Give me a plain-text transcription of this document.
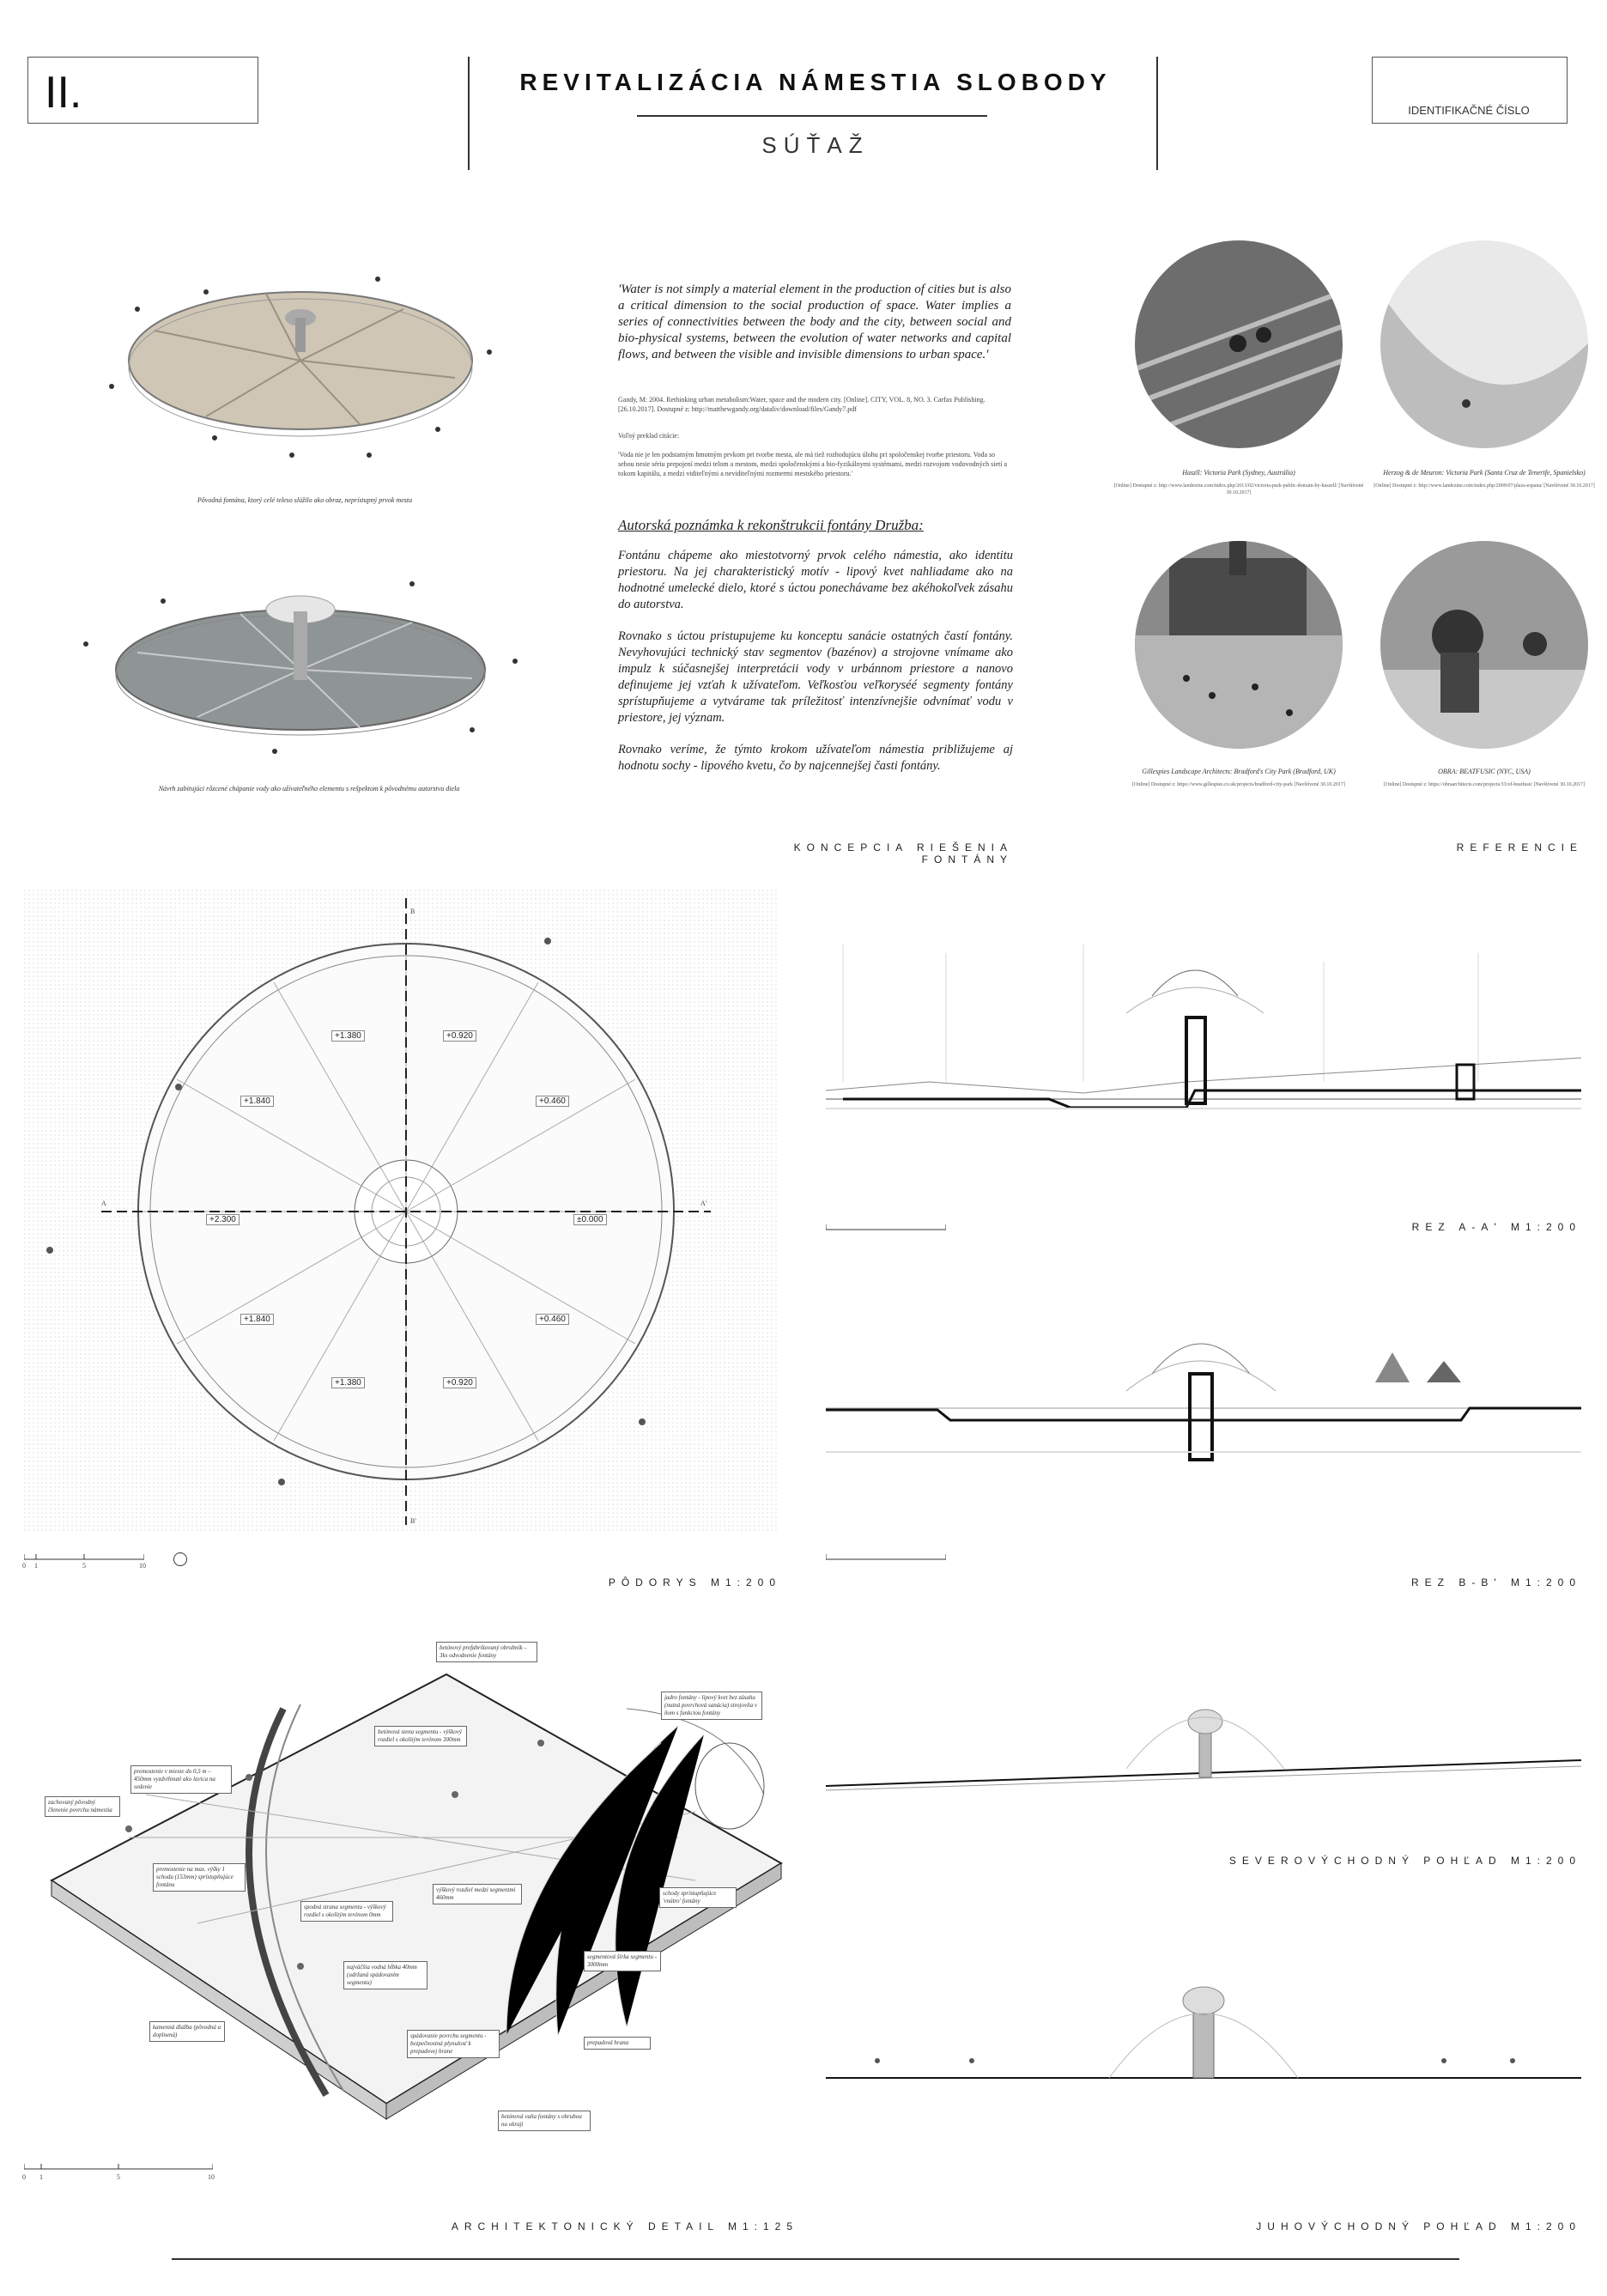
II.	REVITALIZÁCIA NÁMESTIA SLOBODY
SÚŤAŽ
IDENTIFIKAČNÉ ČÍSLO
Pôvodná fontána, ktorý celé teleso slúžilo ako obraz, neprístupný prvok mesta
Návrh zabitujúci rôzcené chápanie vody ako užívateľného elementu s rešpektom k pôvodnému autorstvu diela
'Water is not simply a material element in the production of cities but is also a critical dimension to the social production of space. Water implies a series of connectivities between the body and the city, between social and bio-physical systems, between the evolution of water networks and capital flows, and between the visible and invisible dimensions to urban space.'
Gandy, M: 2004. Rethinking urban metabolism:Water, space and the modern city. [Online]. CITY, VOL. 8, NO. 3. Carfax Publishing. [26.10.2017]. Dostupné z: http://matthewgandy.org/dataliv/download/files/Gandy7.pdf
Voľný preklad citácie:
'Voda nie je len podstatným hmotným prvkom pri tvorbe mesta, ale má tiež rozhodujúcu úlohu pri spoločenskej tvorbe priestoru. Voda so sebou nesie sériu prepojení medzi telom a mestom, medzi spoločenskými a bio-fyzikálnymi systémami, medzi rozvojom vodovodných sietí a tokom kapitálu, a medzi viditeľnými a neviditeľnými rozmermi mestského priestoru.'
Autorská poznámka k rekonštrukcii fontány Družba:
Fontánu chápeme ako miestotvorný prvok celého námestia, ako identitu priestoru. Na jej charakteristický motív - lipový kvet nahliadame ako na hodnotné umelecké dielo, ktoré s úctou ponechávame bez akéhokoľvek zásahu do autorstva.
Rovnako s úctou pristupujeme ku konceptu sanácie ostatných častí fontány. Nevyhovujúci technický stav segmentov (bazénov) a strojovne vnímame ako impulz k súčasnejšej interpretácii vody v urbánnom priestore a nanovo definujeme jej vzťah k užívateľom. Veľkosťou veľkoryséé segmenty fontány sprístupňujeme a vytvárame tak príležitosť intenzívnejšie odvnímať vodu v priestore, jej význam.
Rovnako veríme, že týmto krokom užívateľom námestia približujeme aj hodnotu sochy - lipového kvetu, čo by najcennejšej časti fontány.
KONCEPCIA RIEŠENIA FONTÁNY
Haszll: Victoria Park (Sydney, Austrália)
[Online] Dostupné z: http://www.landezine.com/index.php/2013/02/victoria-park-public-domain-by-haszell/ [Navštívené 30.10.2017]
Herzog & de Meuron: Victoria Park (Santa Cruz de Tenerife, Spanielsko)
[Online] Dostupné z: http://www.landezine.com/index.php/2009/07/plaza-espana/ [Navštívené 30.10.2017]
Gillespies Landscape Architects: Bradford's City Park (Bradford, UK)
[Online] Dostupné z: https://www.gillespies.co.uk/projects/bradford-city-park [Navštívené 30.10.2017]
OBRA: BEATFUSIC (NYC, USA)
[Online] Dostupné z: https://obraarchitects.com/projects/33/of-beatfusic [Navštívené 30.10.2017]
REFERENCIE
+1.380	+0.920
+1.840	+0.460
+2.300	±0.000
+1.840	+0.460
+1.380	+0.920
A	A'
B
B'
0 1	5	10
PÔDORYS M1:200
REZ A-A' M1:200
REZ B-B' M1:200
SEVEROVÝCHODNÝ POHĽAD M1:200
JUHOVÝCHODNÝ POHĽAD M1:200
betónový prefabrikovaný obrubník – 3ks odvodnenie fontány
jadro fontány - lipový kvet bez zásahu (nutná povrchová sanácia) strojovňa v ňom s funkciou fontány
betónová stena segmentu - výškový rozdiel s okolitým terénom 300mm
premostenie v mieste do 0,5 m – 450mm vyzdvihnuté ako lavica na sedenie
zachovaný pôvodný členenie povrchu námestia
premostenie na max. výšky 1 schodu (153mm) sprístupňujúce fontánu
výškový rozdiel medzi segmentmi 460mm
schody sprístupňujúce 'vnútro' fontány
spodná strana segmentu - výškový rozdiel s okolitým terénom 0mm
najväčšia vodná hĺbka 40mm (udržaná spádovaním segmentu)
segmentová šírka segmentu - 3000mm
kamenná dlažba (pôvodná a doplnená)	spádovanie povrchu segmentu - bezpečnostná plynulosť k prepadovej hrane
prepadová hrana
betónová vaňa fontány s obrubou na okraji
0 1	5	10
ARCHITEKTONICKÝ DETAIL M1:125
